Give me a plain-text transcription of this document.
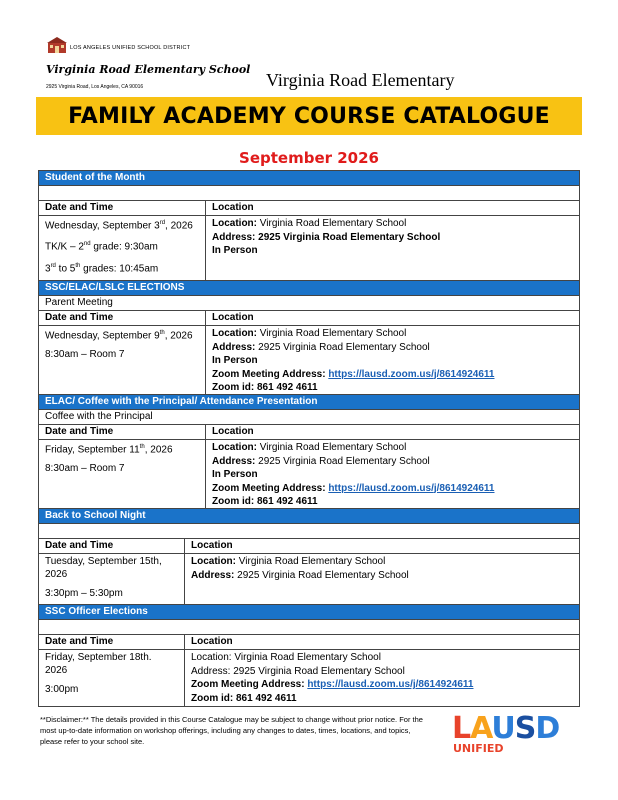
LOS ANGELES UNIFIED SCHOOL DISTRICT
Virginia Road Elementary School
2925 Virginia Road, Los Angeles, CA 90016	Virginia Road Elementary
FAMILY ACADEMY COURSE CATALOGUE
September 2026
Student of the Month
Date and Time	Location
Wednesday, September 3rd, 2026
TK/K – 2nd grade: 9:30am
3rd to 5th grades: 10:45am
Location: Virginia Road Elementary School
Address: 2925 Virginia Road Elementary School
In Person
SSC/ELAC/LSLC ELECTIONS
Parent Meeting
Date and Time	Location
Wednesday, September 9th, 2026
8:30am – Room 7
Location: Virginia Road Elementary School
Address: 2925 Virginia Road Elementary School
In Person
Zoom Meeting Address: https://lausd.zoom.us/j/8614924611
Zoom id: 861 492 4611
ELAC/ Coffee with the Principal/ Attendance Presentation
Coffee with the Principal
Date and Time	Location
Friday, September 11th, 2026
8:30am – Room 7
Location: Virginia Road Elementary School
Address: 2925 Virginia Road Elementary School
In Person
Zoom Meeting Address: https://lausd.zoom.us/j/8614924611
Zoom id: 861 492 4611
Back to School Night
Date and Time	Location
Tuesday, September 15th,
2026
3:30pm – 5:30pm
Location: Virginia Road Elementary School
Address: 2925 Virginia Road Elementary School
SSC Officer Elections
Date and Time	Location
Friday, September 18th.
2026
3:00pm
Location: Virginia Road Elementary School
Address: 2925 Virginia Road Elementary School
Zoom Meeting Address: https://lausd.zoom.us/j/8614924611
Zoom id: 861 492 4611
**Disclaimer:** The details provided in this Course Catalogue may be subject to change without prior notice. For the most up-to-date information on workshop offerings, including any changes to dates, times, locations, and topics, please refer to your school site.	LAUSD
UNIFIED
